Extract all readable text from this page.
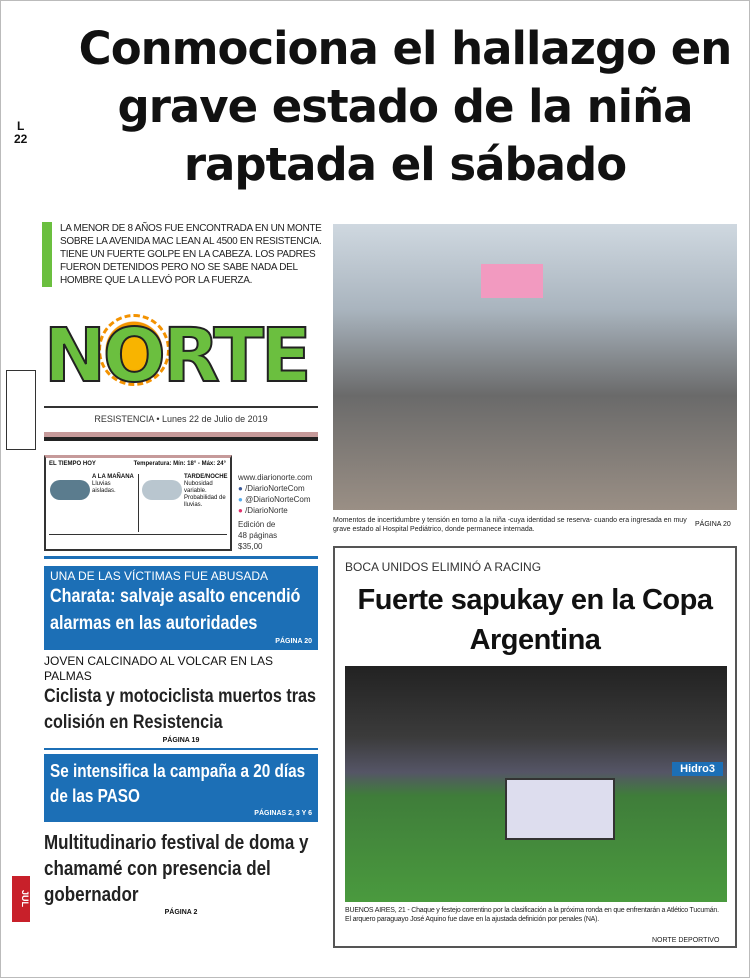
Conmociona el hallazgo en grave estado de la niña raptada el sábado
L
22
LA MENOR DE 8 AÑOS FUE ENCONTRADA EN UN MONTE SOBRE LA AVENIDA MAC LEAN AL 4500 EN RESISTENCIA. TIENE UN FUERTE GOLPE EN LA CABEZA. LOS PADRES FUERON DETENIDOS PERO NO SE SABE NADA DEL HOMBRE QUE LA LLEVÓ POR LA FUERZA.
NORTE
RESISTENCIA • Lunes 22 de Julio de 2019
EL TIEMPO HOY	Temperatura: Mín: 18° - Máx: 24°
A LA MAÑANA
Lluvias aisladas.
TARDE/NOCHE
Nubosidad variable. Probabilidad de lluvias.
www.diarionorte.com
● /DiarioNorteCom
● @DiarioNorteCom
● /DiarioNorte
Edición de 48 páginas
$35,00
UNA DE LAS VÍCTIMAS FUE ABUSADA
Charata: salvaje asalto encendió alarmas en las autoridades
PÁGINA 20
JOVEN CALCINADO AL VOLCAR EN LAS PALMAS
Ciclista y motociclista muertos tras colisión en Resistencia
PÁGINA 19
Se intensifica la campaña a 20 días de las PASO
PÁGINAS 2, 3 Y 6
Multitudinario festival de doma y chamamé con presencia del gobernador
PÁGINA 2
JUL
Momentos de incertidumbre y tensión en torno a la niña -cuya identidad se reserva- cuando era ingresada en muy grave estado al Hospital Pediátrico, donde permanece internada.
PÁGINA 20
BOCA UNIDOS ELIMINÓ A RACING
Fuerte sapukay en la Copa Argentina
Hidro3
BUENOS AIRES, 21 - Chaque y festejo correntino por la clasificación a la próxima ronda en que enfrentarán a Atlético Tucumán. El arquero paraguayo José Aquino fue clave en la ajustada definición por penales (NA).
NORTE DEPORTIVO
